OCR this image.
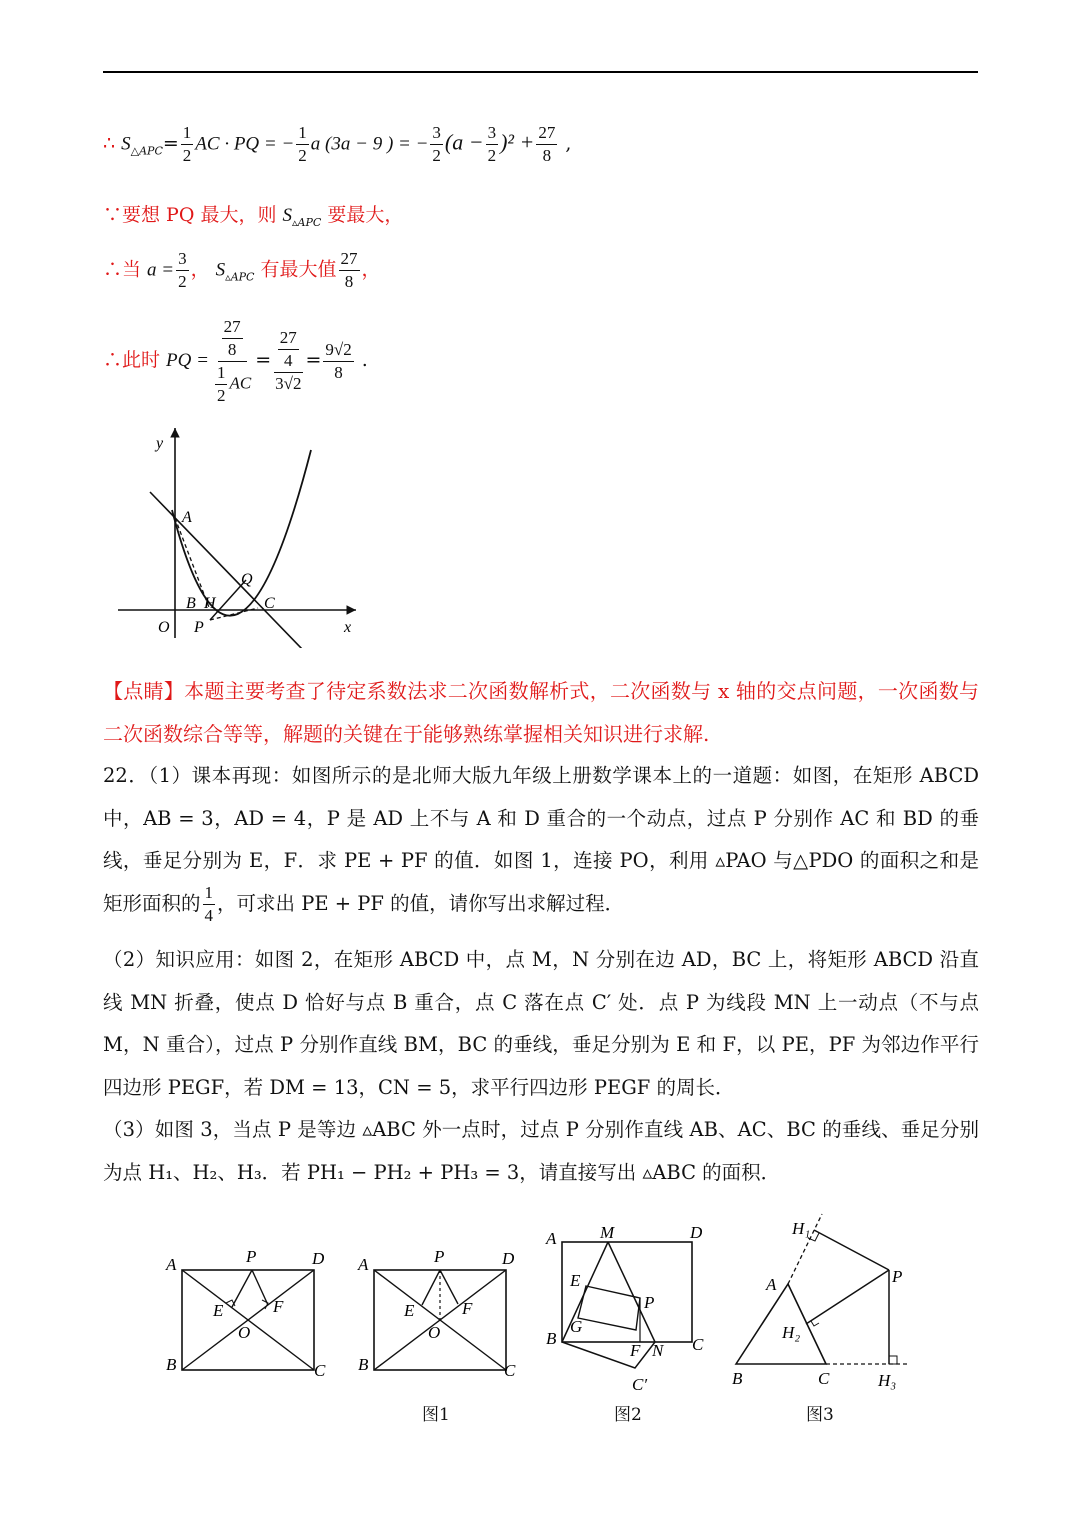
∴ $S_{\triangle APC}= \frac{1}{2}$ AC · PQ = − $\frac{1}{2}$ a (3a − 9 ) = − $\frac{3}{2} (a - \frac{3}{2} )^2 + \frac{27}{8}$ ,
∵要想 PQ 最大，则 $S_{▵APC}$ 要最大，
∴当 $a = \frac{3}{2}$ ， $S_{▵APC}$ 有最大值 $\frac{27}{8}$ ，
∴此时 PQ = $\frac{\frac{27}{8}}{\frac{1}{2} AC} = \frac{\frac{27}{4}}{3√2} = \frac{9√2}{8}$ .
y
x
O
A
B H
P
Q
C
【点睛】本题主要考查了待定系数法求二次函数解析式，二次函数与 x 轴的交点问题，一次函数与二次函数综合等等，解题的关键在于能够熟练掌握相关知识进行求解.
22．（1）课本再现：如图所示的是北师大版九年级上册数学课本上的一道题：如图，在矩形 ABCD 中，AB = 3，AD = 4，P 是 AD 上不与 A 和 D 重合的一个动点，过点 P 分别作 AC 和 BD 的垂线，垂足分别为 E，F．求 PE + PF 的值．如图 1，连接 PO，利用 ▵PAO 与△PDO 的面积之和是矩形面积的 $\frac{1}{4}$ ，可求出 PE + PF 的值，请你写出求解过程．
（2）知识应用：如图 2，在矩形 ABCD 中，点 M，N 分别在边 AD，BC 上，将矩形 ABCD 沿直线 MN 折叠，使点 D 恰好与点 B 重合，点 C 落在点 C′ 处．点 P 为线段 MN 上一动点（不与点 M，N 重合），过点 P 分别作直线 BM，BC 的垂线，垂足分别为 E 和 F，以 PE，PF 为邻边作平行四边形 PEGF，若 DM = 13，CN = 5，求平行四边形 PEGF 的周长．
（3）如图 3，当点 P 是等边 ▵ABC 外一点时，过点 P 分别作直线 AB、AC、BC 的垂线、垂足分别为点 H₁、H₂、H₃．若 PH₁ − PH₂ + PH₃ = 3，请直接写出 ▵ABC 的面积．
A	P	D
E	F
O
B	C
A	P	D
E	F
O
B	C
图1
A	M	D
E
P
G
B
F N C
C′
图2
H₁
P
A
H₂
B	C	H₃
图3
